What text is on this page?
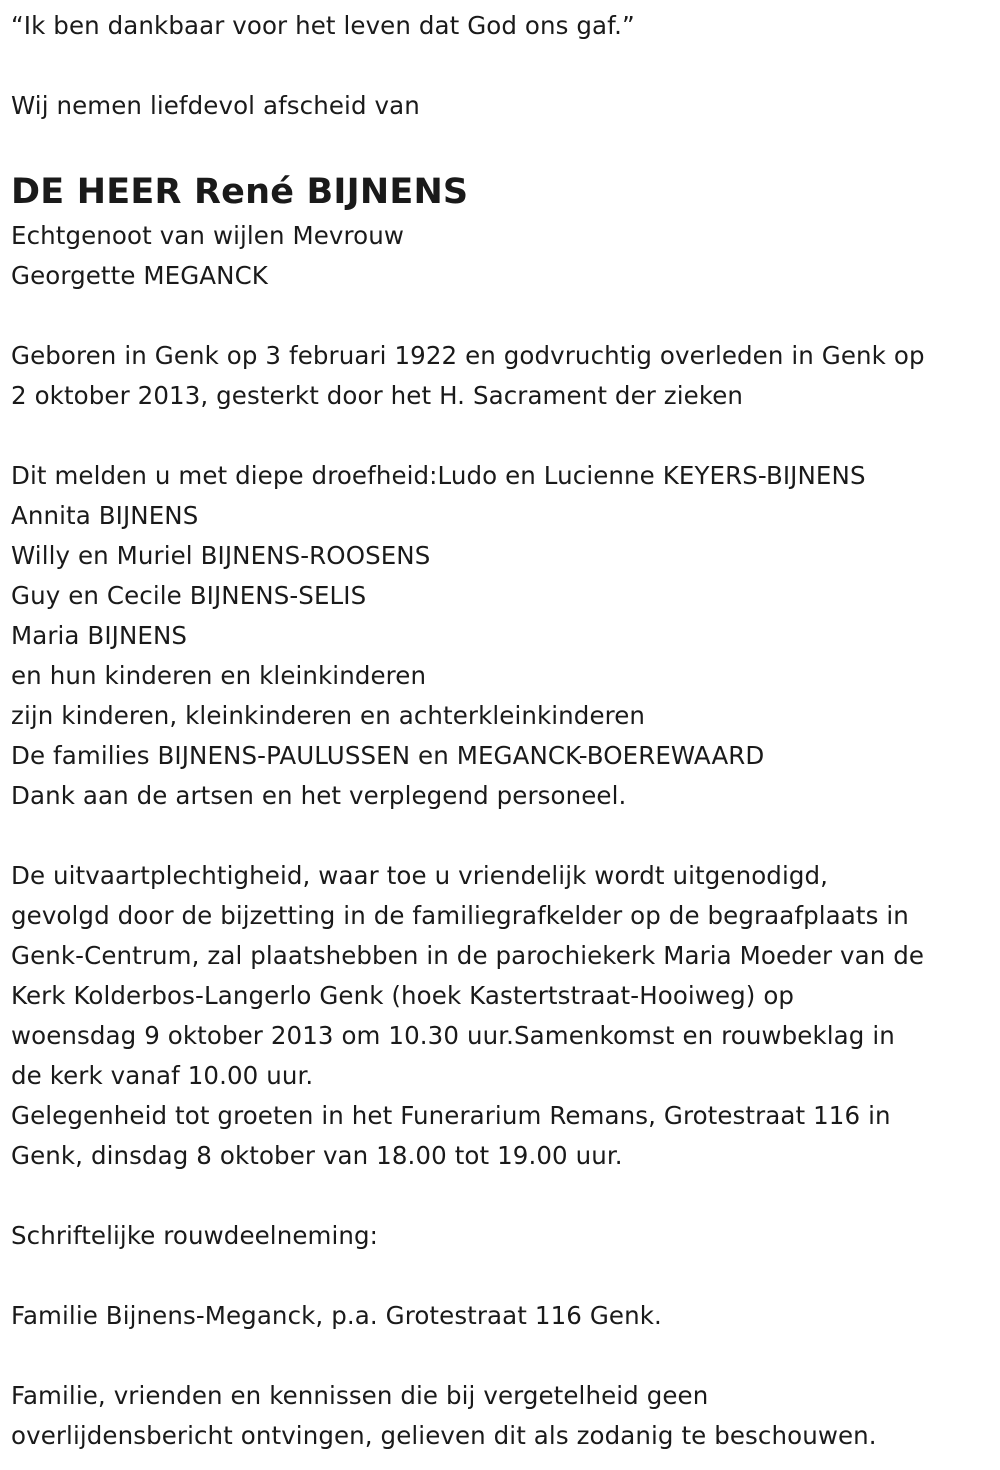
“Ik ben dankbaar voor het leven dat God ons gaf.”
Wij nemen liefdevol afscheid van
DE HEER René BIJNENS
Echtgenoot van wijlen Mevrouw
Georgette MEGANCK
Geboren in Genk op 3 februari 1922 en godvruchtig overleden in Genk op
2 oktober 2013, gesterkt door het H. Sacrament der zieken
Dit melden u met diepe droefheid:Ludo en Lucienne KEYERS-BIJNENS
Annita BIJNENS
Willy en Muriel BIJNENS-ROOSENS
Guy en Cecile BIJNENS-SELIS
Maria BIJNENS
en hun kinderen en kleinkinderen
zijn kinderen, kleinkinderen en achterkleinkinderen
De families BIJNENS-PAULUSSEN en MEGANCK-BOEREWAARD
Dank aan de artsen en het verplegend personeel.
De uitvaartplechtigheid, waar toe u vriendelijk wordt uitgenodigd,
gevolgd door de bijzetting in de familiegrafkelder op de begraafplaats in
Genk-Centrum, zal plaatshebben in de parochiekerk Maria Moeder van de
Kerk Kolderbos-Langerlo Genk (hoek Kastertstraat-Hooiweg) op
woensdag 9 oktober 2013 om 10.30 uur.Samenkomst en rouwbeklag in
de kerk vanaf 10.00 uur.
Gelegenheid tot groeten in het Funerarium Remans, Grotestraat 116 in
Genk, dinsdag 8 oktober van 18.00 tot 19.00 uur.
Schriftelijke rouwdeelneming:
Familie Bijnens-Meganck, p.a. Grotestraat 116 Genk.
Familie, vrienden en kennissen die bij vergetelheid geen
overlijdensbericht ontvingen, gelieven dit als zodanig te beschouwen.
